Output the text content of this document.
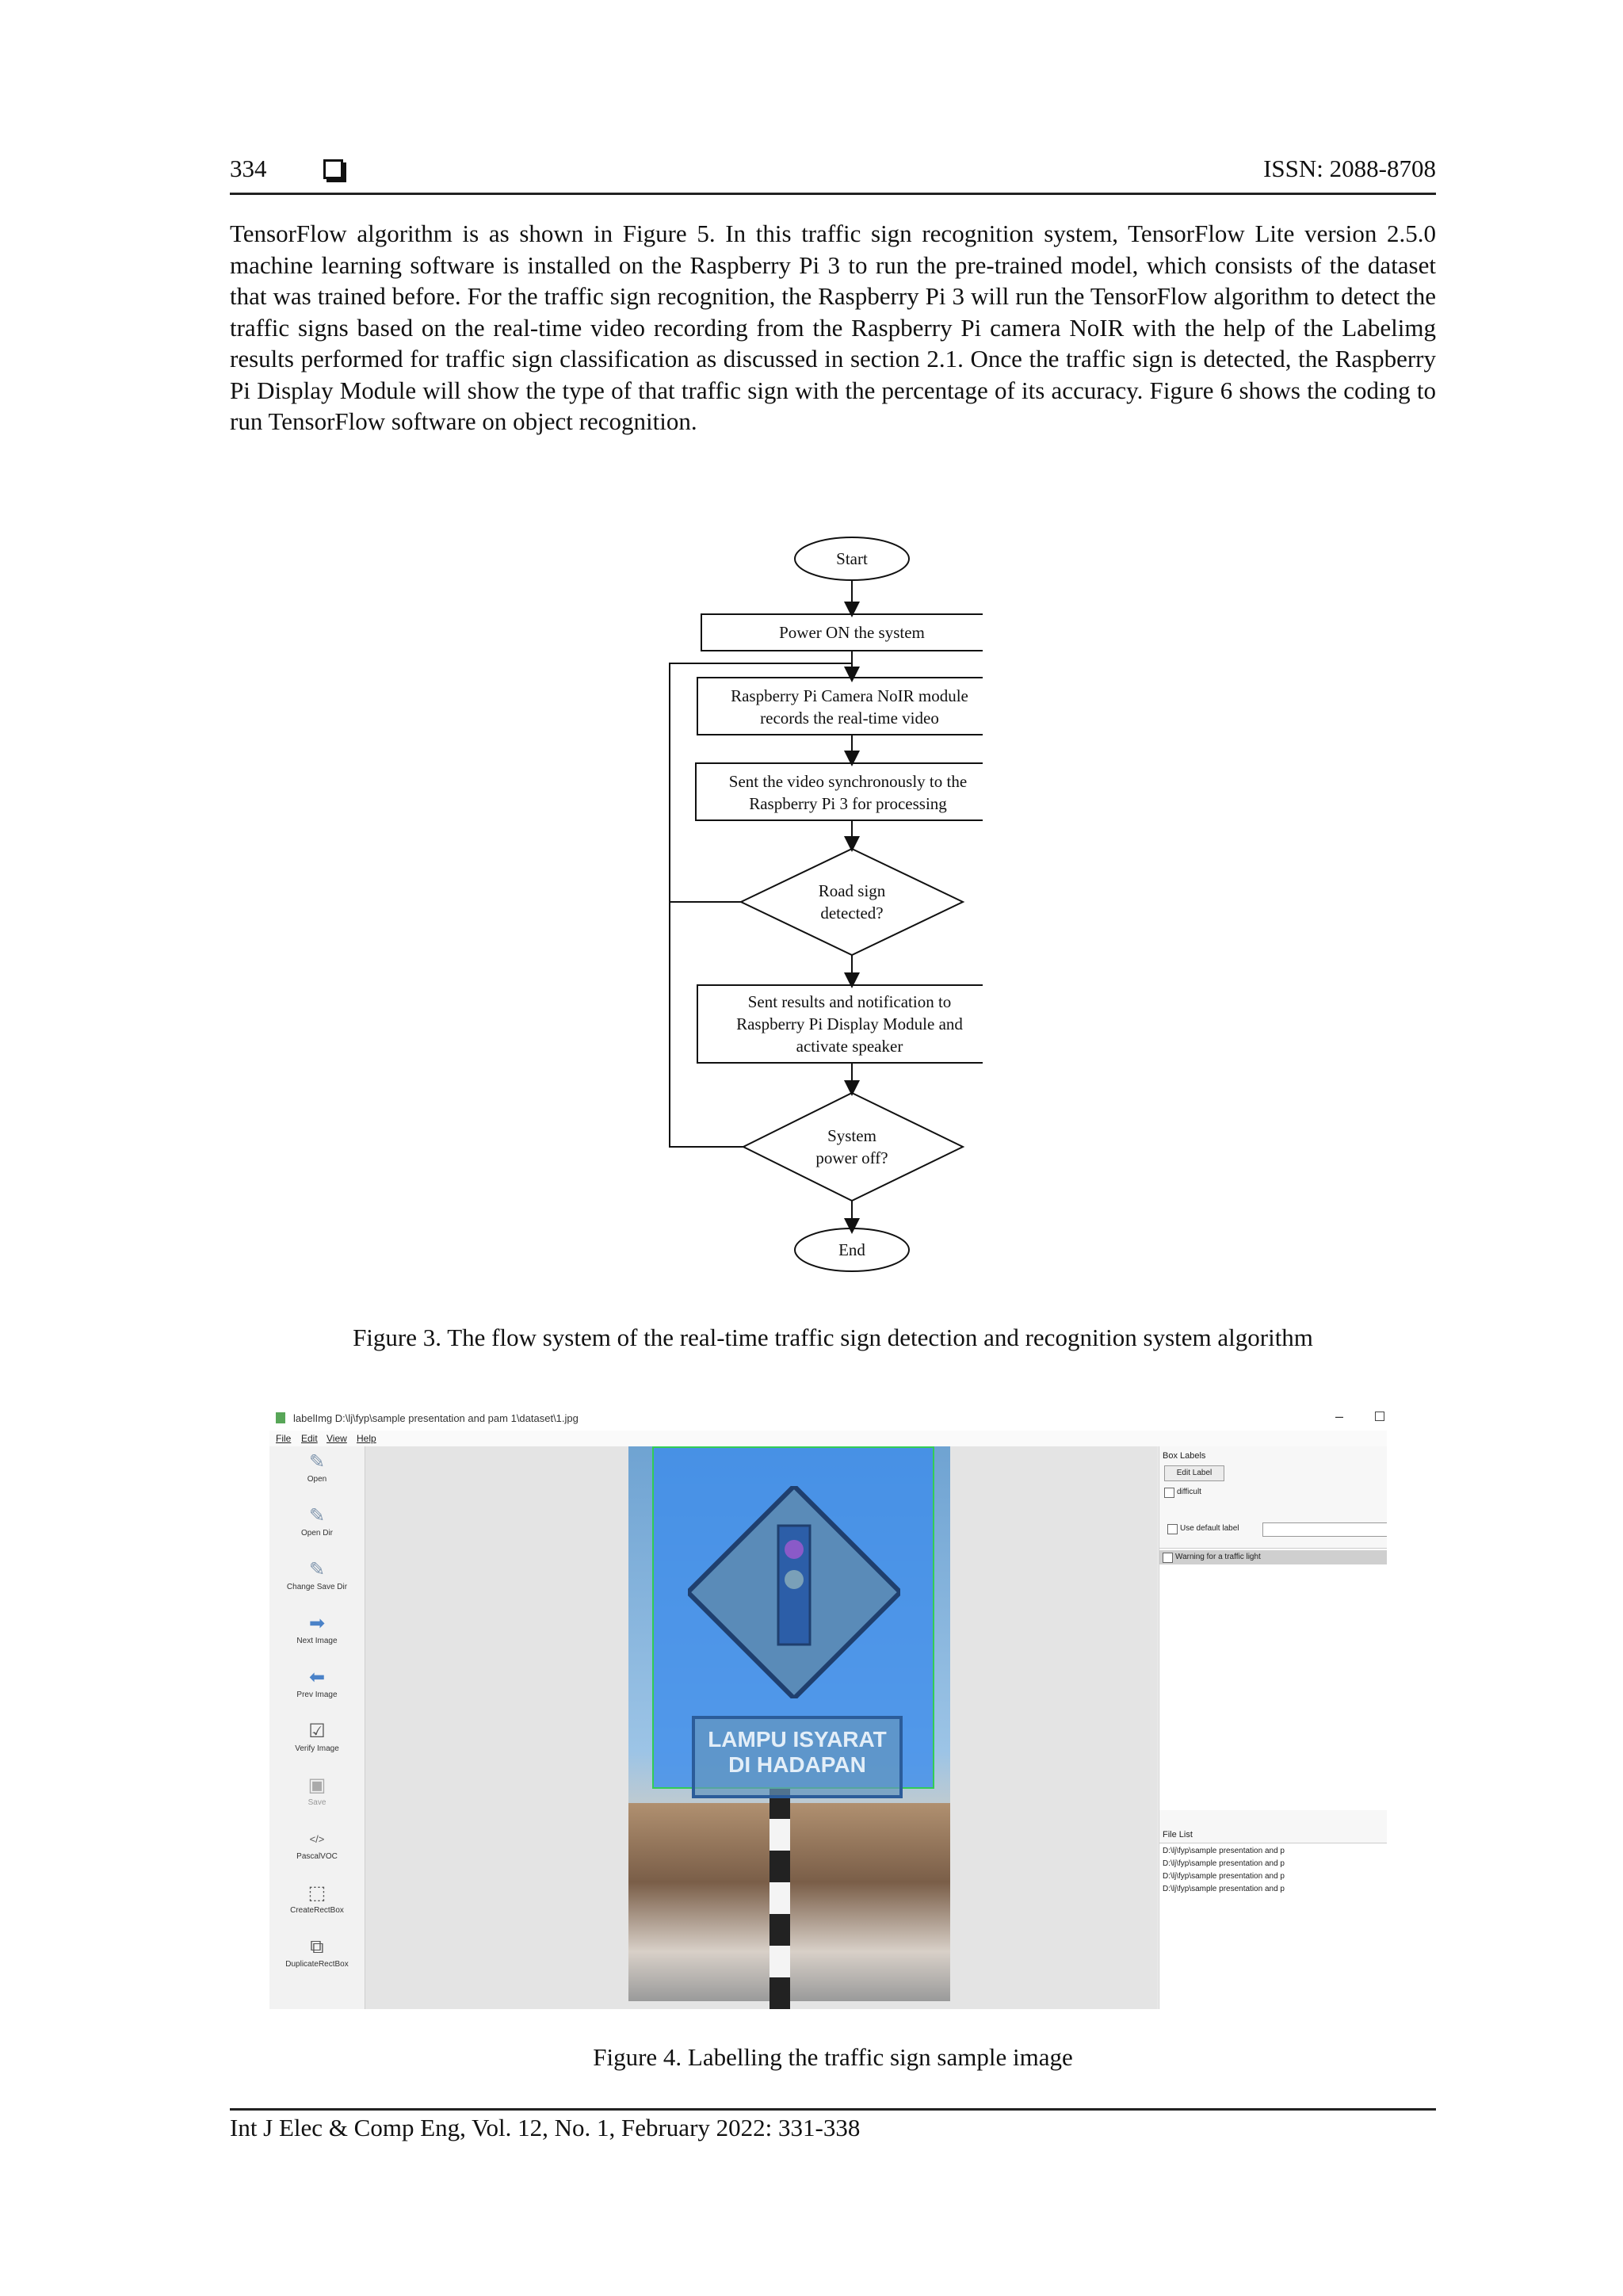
334	ISSN: 2088-8708

TensorFlow algorithm is as shown in Figure 5. In this traffic sign recognition system, TensorFlow Lite version 2.5.0 machine learning software is installed on the Raspberry Pi 3 to run the pre-trained model, which consists of the dataset that was trained before. For the traffic sign recognition, the Raspberry Pi 3 will run the TensorFlow algorithm to detect the traffic signs based on the real-time video recording from the Raspberry Pi camera NoIR with the help of the Labelimg results performed for traffic sign classification as discussed in section 2.1. Once the traffic sign is detected, the Raspberry Pi Display Module will show the type of that traffic sign with the percentage of its accuracy. Figure 6 shows the coding to run TensorFlow software on object recognition.

Start
Power ON the system
Raspberry Pi Camera NoIR module
records the real-time video
Sent the video synchronously to the
Raspberry Pi 3 for processing
Road sign
detected?
Sent results and notification to
Raspberry Pi Display Module and
activate speaker
System
power off?
End
Figure 3. The flow system of the real-time traffic sign detection and recognition system algorithm
labelImg D:\lj\fyp\sample presentation and pam 1\dataset\1.jpg	–
File Edit View Help
✎
Open
✎
Open Dir
✎
Change Save Dir
➡
Next Image
⬅
Prev Image
☑
Verify Image
▣
Save
</>
PascalVOC
⬚
CreateRectBox
⧉
DuplicateRectBox
LAMPU ISYARAT
DI HADAPAN
Box Labels
Edit Label
difficult
Use default label
Warning for a traffic light
File List
D:\lj\fyp\sample presentation and p
D:\lj\fyp\sample presentation and p
D:\lj\fyp\sample presentation and p
D:\lj\fyp\sample presentation and p
Figure 4. Labelling the traffic sign sample image
Int J Elec & Comp Eng, Vol. 12, No. 1, February 2022: 331-338
